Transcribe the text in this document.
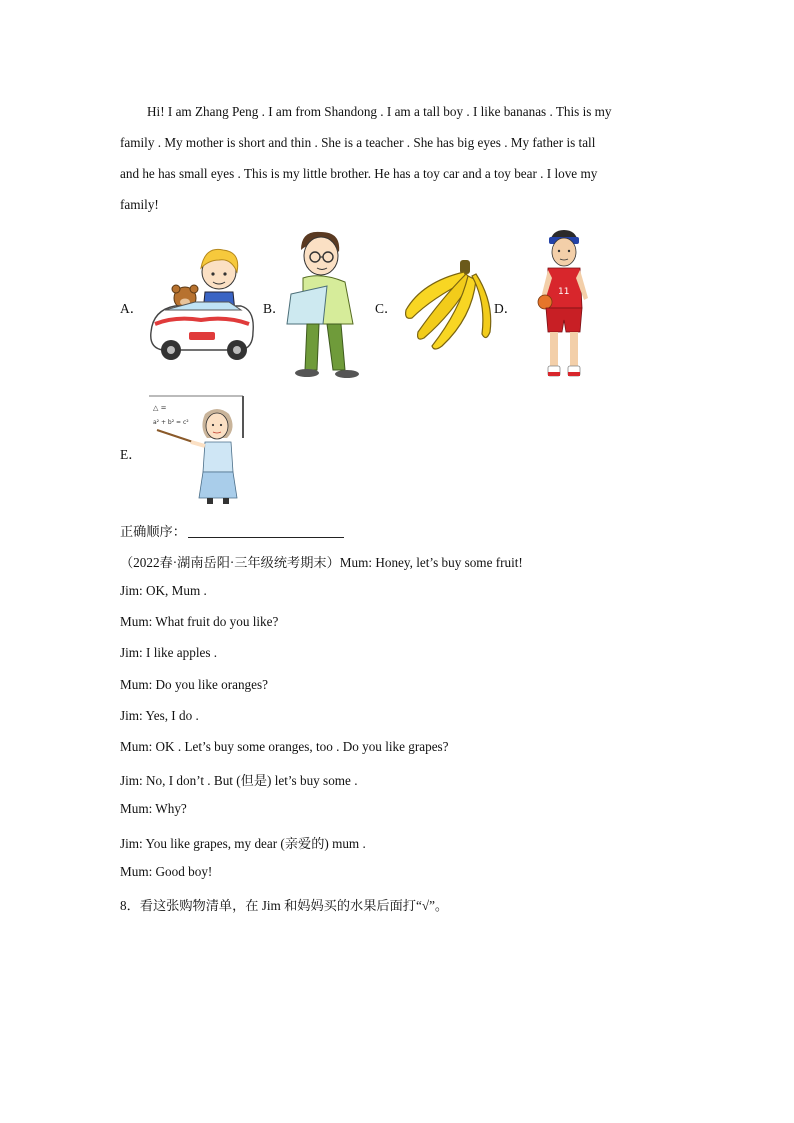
Hi! I am Zhang Peng . I am from Shandong . I am a tall boy . I like bananas . This is my
family . My mother is short and thin . She is a teacher . She has big eyes . My father is tall
and he has small eyes . This is my little brother. He has a toy car and a toy bear . I love my
family!
A．	B．	C．	D．
E．
11
△ =
a² + b² = c²
正确顺序：
（2022春·湖南岳阳·三年级统考期末）Mum: Honey, let’s buy some fruit!
Jim: OK, Mum .
Mum: What fruit do you like?
Jim: I like apples .
Mum: Do you like oranges?
Jim: Yes, I do .
Mum: OK . Let’s buy some oranges, too . Do you like grapes?
Jim: No, I don’t . But (但是) let’s buy some .
Mum: Why?
Jim: You like grapes, my dear (亲爱的) mum .
Mum: Good boy!
8．看这张购物清单，在 Jim 和妈妈买的水果后面打“√”。
